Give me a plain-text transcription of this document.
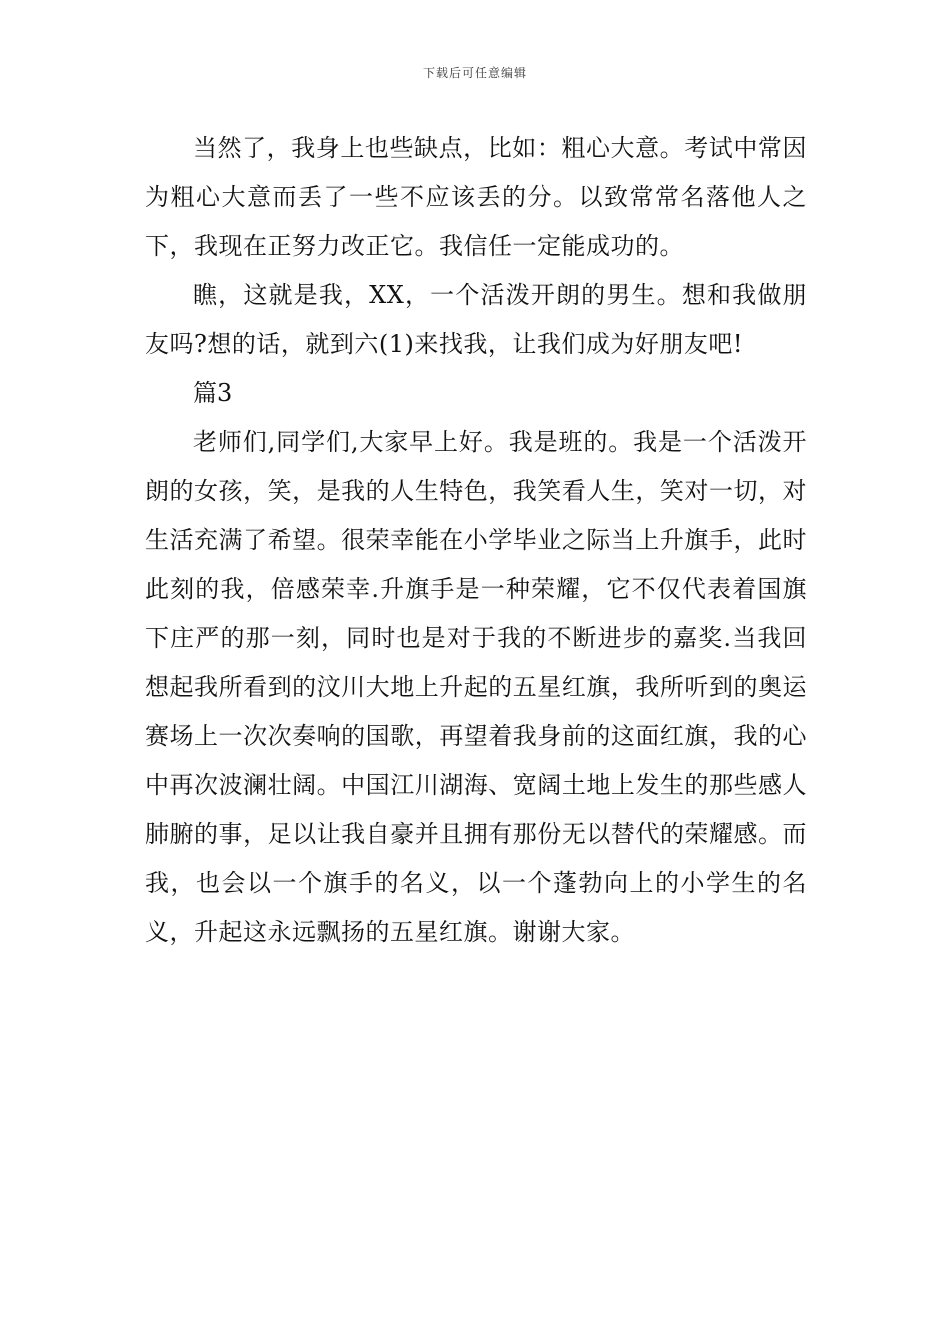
下载后可任意编辑

当然了，我身上也些缺点，比如：粗心大意。考试中常因为粗心大意而丢了一些不应该丢的分。以致常常名落他人之下，我现在正努力改正它。我信任一定能成功的。

瞧，这就是我，XX，一个活泼开朗的男生。想和我做朋友吗?想的话，就到六(1)来找我，让我们成为好朋友吧!

篇3

老师们,同学们,大家早上好。我是班的。我是一个活泼开朗的女孩，笑，是我的人生特色，我笑看人生，笑对一切，对生活充满了希望。很荣幸能在小学毕业之际当上升旗手，此时此刻的我，倍感荣幸.升旗手是一种荣耀，它不仅代表着国旗下庄严的那一刻，同时也是对于我的不断进步的嘉奖.当我回想起我所看到的汶川大地上升起的五星红旗，我所听到的奥运赛场上一次次奏响的国歌，再望着我身前的这面红旗，我的心中再次波澜壮阔。中国江川湖海、宽阔土地上发生的那些感人肺腑的事，足以让我自豪并且拥有那份无以替代的荣耀感。而我，也会以一个旗手的名义，以一个蓬勃向上的小学生的名义，升起这永远飘扬的五星红旗。谢谢大家。
